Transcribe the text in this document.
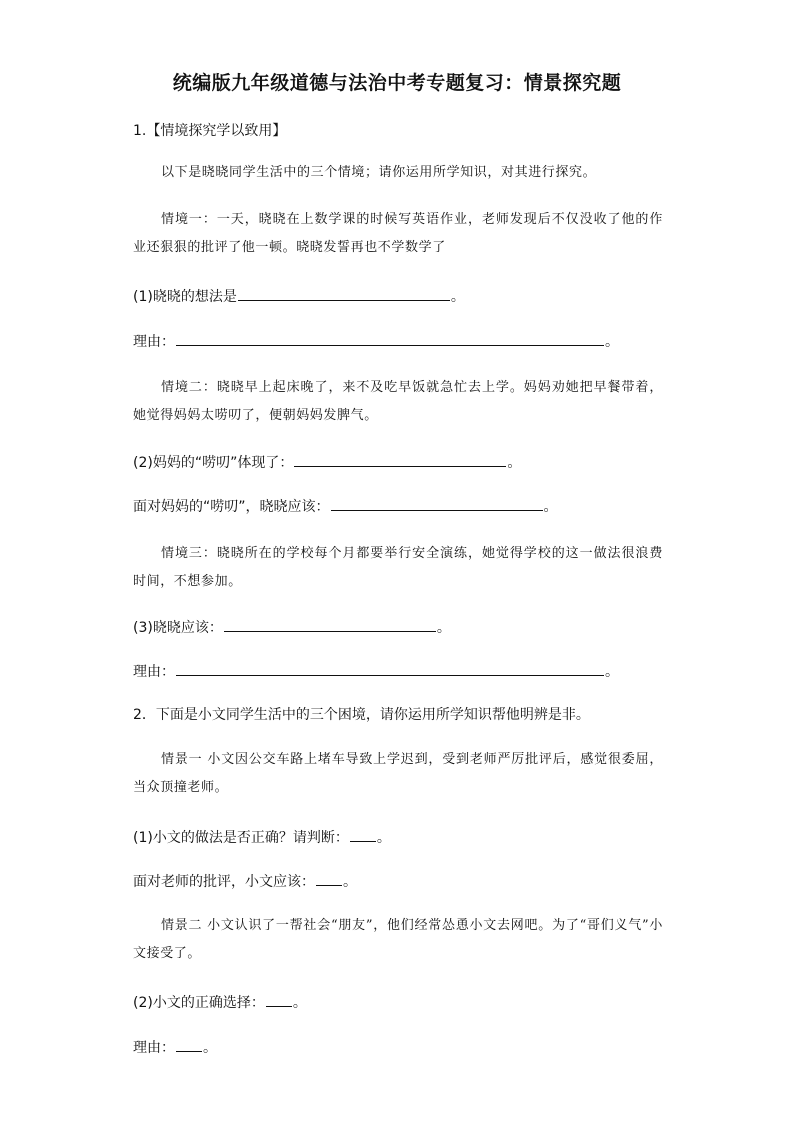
统编版九年级道德与法治中考专题复习：情景探究题
1.【情境探究学以致用】
以下是晓晓同学生活中的三个情境；请你运用所学知识，对其进行探究。
情境一：一天，晓晓在上数学课的时候写英语作业，老师发现后不仅没收了他的作业还狠狠的批评了他一顿。晓晓发誓再也不学数学了
(1)晓晓的想法是	。
理由：	。
情境二：晓晓早上起床晚了，来不及吃早饭就急忙去上学。妈妈劝她把早餐带着，她觉得妈妈太唠叨了，便朝妈妈发脾气。
(2)妈妈的“唠叨”体现了：	。
面对妈妈的“唠叨”，晓晓应该：	。
情境三：晓晓所在的学校每个月都要举行安全演练，她觉得学校的这一做法很浪费时间，不想参加。
(3)晓晓应该：	。
理由：	。
2．下面是小文同学生活中的三个困境，请你运用所学知识帮他明辨是非。
情景一 小文因公交车路上堵车导致上学迟到，受到老师严厉批评后，感觉很委屈，当众顶撞老师。
(1)小文的做法是否正确？请判断： 。
面对老师的批评，小文应该： 。
情景二 小文认识了一帮社会“朋友”，他们经常怂恿小文去网吧。为了“哥们义气”小文接受了。
(2)小文的正确选择： 。
理由： 。
